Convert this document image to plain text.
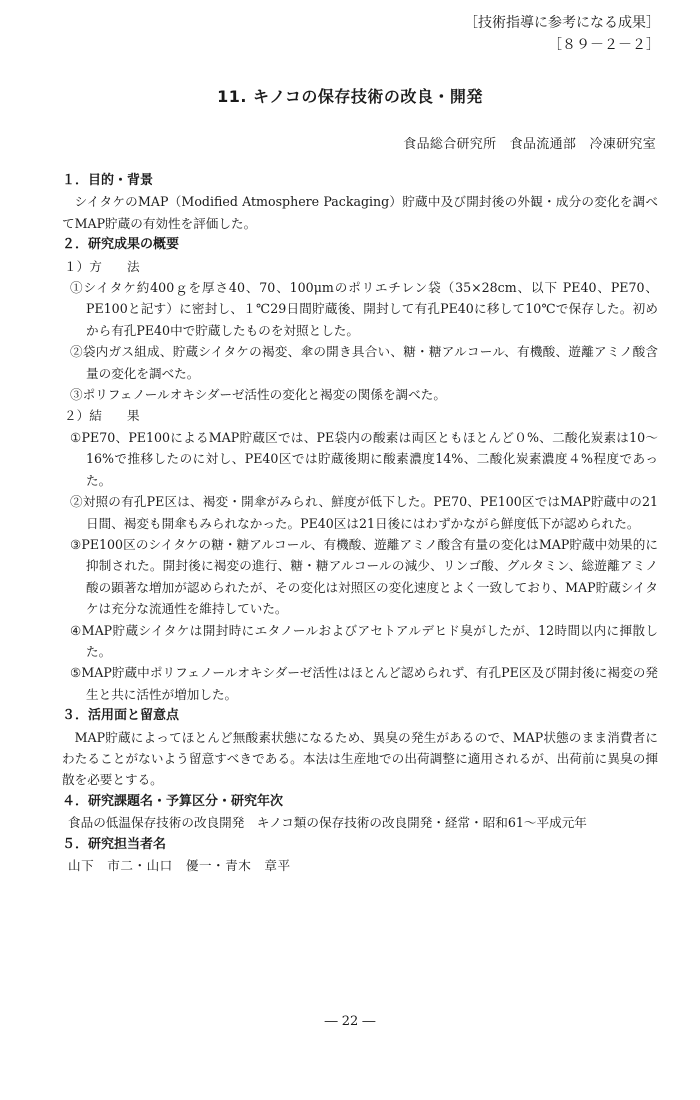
［技術指導に参考になる成果］
［８９－２－２］
11. キノコの保存技術の改良・開発
食品総合研究所　食品流通部　冷凍研究室
１．目的・背景

シイタケのMAP（Modified Atmosphere Packaging）貯蔵中及び開封後の外観・成分の変化を調べてMAP貯蔵の有効性を評価した。

２．研究成果の概要
１）方　　法

①シイタケ約400ｇを厚さ40、70、100μmのポリエチレン袋（35×28cm、以下 PE40、PE70、PE100と記す）に密封し、１℃29日間貯蔵後、開封して有孔PE40に移して10℃で保存した。初めから有孔PE40中で貯蔵したものを対照とした。

②袋内ガス組成、貯蔵シイタケの褐変、傘の開き具合い、糖・糖アルコール、有機酸、遊離アミノ酸含量の変化を調べた。

③ポリフェノールオキシダーゼ活性の変化と褐変の関係を調べた。

２）結　　果

①PE70、PE100によるMAP貯蔵区では、PE袋内の酸素は両区ともほとんど０%、二酸化炭素は10～16%で推移したのに対し、PE40区では貯蔵後期に酸素濃度14%、二酸化炭素濃度４%程度であった。

②対照の有孔PE区は、褐変・開傘がみられ、鮮度が低下した。PE70、PE100区ではMAP貯蔵中の21日間、褐変も開傘もみられなかった。PE40区は21日後にはわずかながら鮮度低下が認められた。

③PE100区のシイタケの糖・糖アルコール、有機酸、遊離アミノ酸含有量の変化はMAP貯蔵中効果的に抑制された。開封後に褐変の進行、糖・糖アルコールの減少、リンゴ酸、グルタミン、総遊離アミノ酸の顕著な増加が認められたが、その変化は対照区の変化速度とよく一致しており、MAP貯蔵シイタケは充分な流通性を維持していた。

④MAP貯蔵シイタケは開封時にエタノールおよびアセトアルデヒド臭がしたが、12時間以内に揮散した。

⑤MAP貯蔵中ポリフェノールオキシダーゼ活性はほとんど認められず、有孔PE区及び開封後に褐変の発生と共に活性が増加した。

３．活用面と留意点

MAP貯蔵によってほとんど無酸素状態になるため、異臭の発生があるので、MAP状態のまま消費者にわたることがないよう留意すべきである。本法は生産地での出荷調整に適用されるが、出荷前に異臭の揮散を必要とする。

４．研究課題名・予算区分・研究年次

食品の低温保存技術の改良開発　キノコ類の保存技術の改良開発・経常・昭和61～平成元年

５．研究担当者名

山下　市二・山口　優一・青木　章平

― 22 ―
